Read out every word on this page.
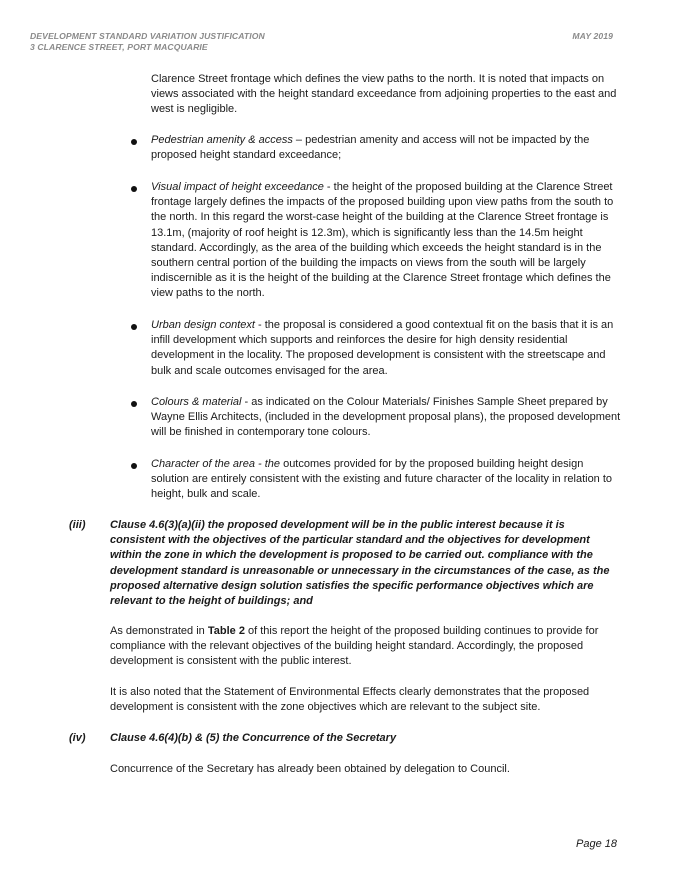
DEVELOPMENT STANDARD VARIATION JUSTIFICATION
3 CLARENCE STREET, PORT MACQUARIE
MAY 2019

Clarence Street frontage which defines the view paths to the north. It is noted that impacts on views associated with the height standard exceedance from adjoining properties to the east and west is negligible.

Pedestrian amenity & access – pedestrian amenity and access will not be impacted by the proposed height standard exceedance;

Visual impact of height exceedance - the height of the proposed building at the Clarence Street frontage largely defines the impacts of the proposed building upon view paths from the south to the north. In this regard the worst-case height of the building at the Clarence Street frontage is 13.1m, (majority of roof height is 12.3m), which is significantly less than the 14.5m height standard. Accordingly, as the area of the building which exceeds the height standard is in the southern central portion of the building the impacts on views from the south will be largely indiscernible as it is the height of the building at the Clarence Street frontage which defines the view paths to the north.

Urban design context - the proposal is considered a good contextual fit on the basis that it is an infill development which supports and reinforces the desire for high density residential development in the locality. The proposed development is consistent with the streetscape and bulk and scale outcomes envisaged for the area.

Colours & material - as indicated on the Colour Materials/ Finishes Sample Sheet prepared by Wayne Ellis Architects, (included in the development proposal plans), the proposed development will be finished in contemporary tone colours.

Character of the area - the outcomes provided for by the proposed building height design solution are entirely consistent with the existing and future character of the locality in relation to height, bulk and scale.

(iii) Clause 4.6(3)(a)(ii) the proposed development will be in the public interest because it is consistent with the objectives of the particular standard and the objectives for development within the zone in which the development is proposed to be carried out. compliance with the development standard is unreasonable or unnecessary in the circumstances of the case, as the proposed alternative design solution satisfies the specific performance objectives which are relevant to the height of buildings; and

As demonstrated in Table 2 of this report the height of the proposed building continues to provide for compliance with the relevant objectives of the building height standard. Accordingly, the proposed development is consistent with the public interest.

It is also noted that the Statement of Environmental Effects clearly demonstrates that the proposed development is consistent with the zone objectives which are relevant to the subject site.

(iv) Clause 4.6(4)(b) & (5) the Concurrence of the Secretary

Concurrence of the Secretary has already been obtained by delegation to Council.

Page 18
